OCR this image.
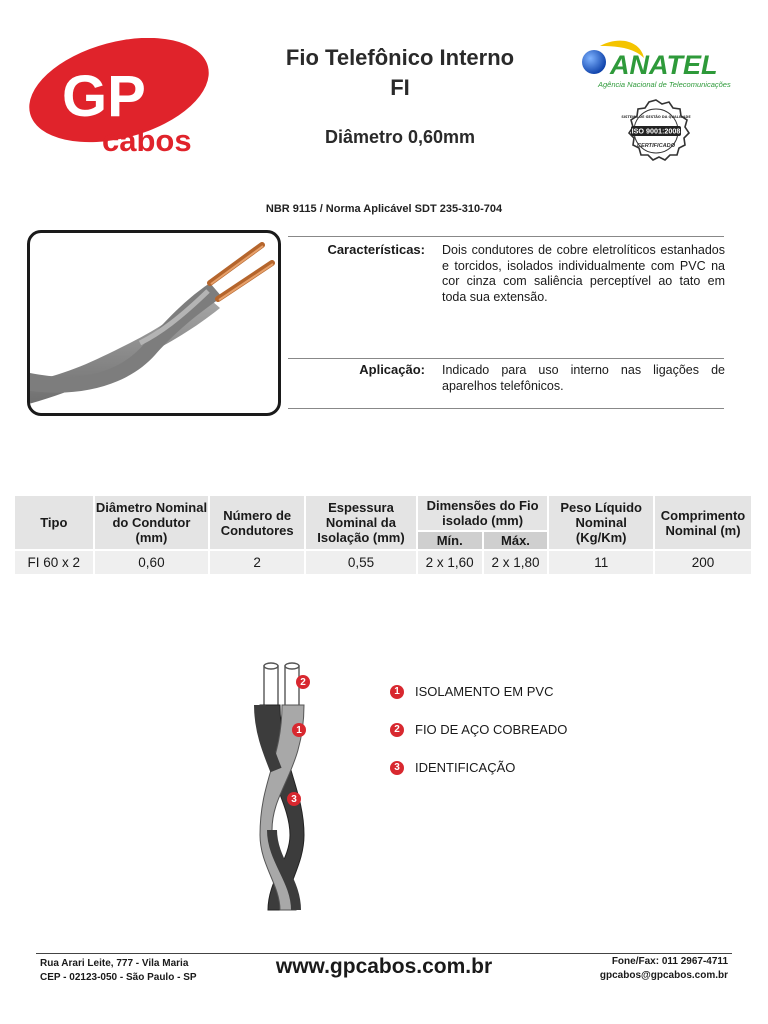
GP
cabos
Fio Telefônico Interno
FI
Diâmetro 0,60mm
ANATEL
Agência Nacional de Telecomunicações
SISTEMA DE GESTÃO DA QUALIDADE
ISO 9001:2008
CERTIFICADO
NBR 9115 / Norma Aplicável SDT 235-310-704
Características: Dois condutores de cobre eletrolíticos estanhados e torcidos, isolados individualmente com PVC na cor cinza com saliência perceptível ao tato em toda sua extensão.
Aplicação: Indicado para uso interno nas ligações de aparelhos telefônicos.
Tipo	Diâmetro Nominal do Condutor (mm)	Número de Condutores	Espessura Nominal da Isolação (mm)	Dimensões do Fio isolado (mm)		Peso Líquido Nominal (Kg/Km)	Comprimento Nominal (m)
				Mín.	Máx.		
FI 60 x 2	0,60	2	0,55	2 x 1,60	2 x 1,80	11	200
2
1
3
1	ISOLAMENTO EM PVC
2	FIO DE AÇO COBREADO
3	IDENTIFICAÇÃO
Rua Arari Leite, 777 - Vila Maria
CEP - 02123-050 - São Paulo - SP	www.gpcabos.com.br	Fone/Fax: 011 2967-4711
gpcabos@gpcabos.com.br
